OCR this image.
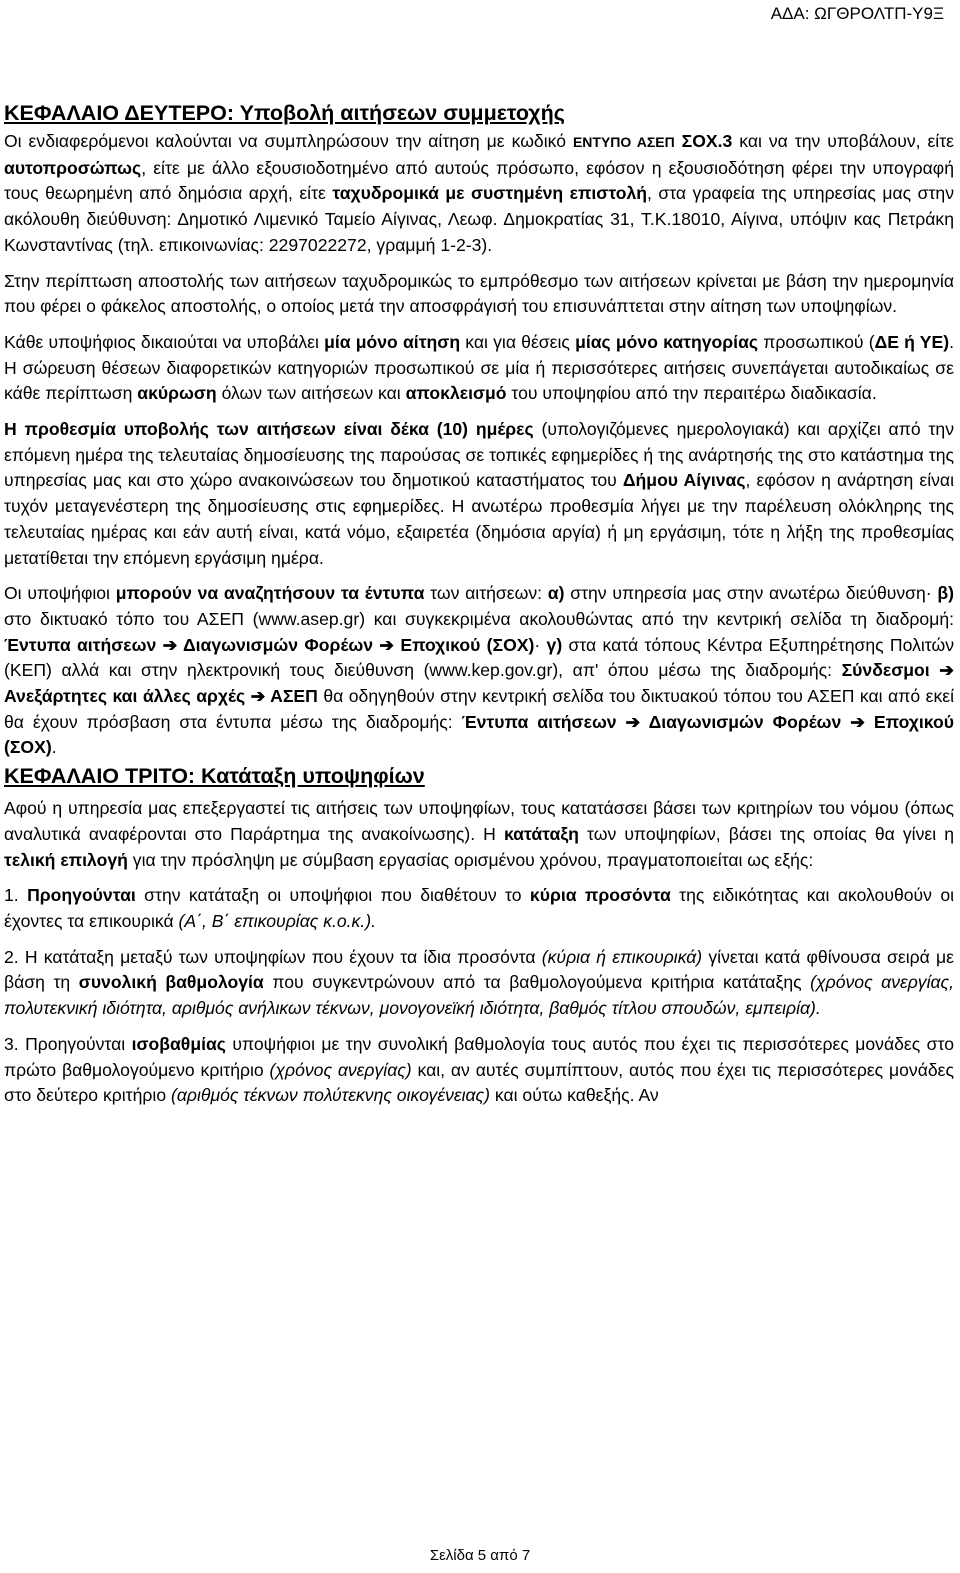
ΑΔΑ: ΩΓΘΡΟΛΤΠ-Υ9Ξ
ΚΕΦΑΛΑΙΟ ΔΕΥΤΕΡΟ: Υποβολή αιτήσεων συμμετοχής

Οι ενδιαφερόμενοι καλούνται να συμπληρώσουν την αίτηση με κωδικό ΕΝΤΥΠΟ ΑΣΕΠ ΣΟΧ.3 και να την υποβάλουν, είτε αυτοπροσώπως, είτε με άλλο εξουσιοδοτημένο από αυτούς πρόσωπο, εφόσον η εξουσιοδότηση φέρει την υπογραφή τους θεωρημένη από δημόσια αρχή, είτε ταχυδρομικά με συστημένη επιστολή, στα γραφεία της υπηρεσίας μας στην ακόλουθη διεύθυνση: Δημοτικό Λιμενικό Ταμείο Αίγινας, Λεωφ. Δημοκρατίας 31, Τ.Κ.18010, Αίγινα, υπόψιν κας Πετράκη Κωνσταντίνας (τηλ. επικοινωνίας: 2297022272, γραμμή 1-2-3).

Στην περίπτωση αποστολής των αιτήσεων ταχυδρομικώς το εμπρόθεσμο των αιτήσεων κρίνεται με βάση την ημερομηνία που φέρει ο φάκελος αποστολής, ο οποίος μετά την αποσφράγισή του επισυνάπτεται στην αίτηση των υποψηφίων.

Κάθε υποψήφιος δικαιούται να υποβάλει μία μόνο αίτηση και για θέσεις μίας μόνο κατηγορίας προσωπικού (ΔΕ ή ΥΕ). Η σώρευση θέσεων διαφορετικών κατηγοριών προσωπικού σε μία ή περισσότερες αιτήσεις συνεπάγεται αυτοδικαίως σε κάθε περίπτωση ακύρωση όλων των αιτήσεων και αποκλεισμό του υποψηφίου από την περαιτέρω διαδικασία.

Η προθεσμία υποβολής των αιτήσεων είναι δέκα (10) ημέρες (υπολογιζόμενες ημερολογιακά) και αρχίζει από την επόμενη ημέρα της τελευταίας δημοσίευσης της παρούσας σε τοπικές εφημερίδες ή της ανάρτησής της στο κατάστημα της υπηρεσίας μας και στο χώρο ανακοινώσεων του δημοτικού καταστήματος του Δήμου Αίγινας, εφόσον η ανάρτηση είναι τυχόν μεταγενέστερη της δημοσίευσης στις εφημερίδες. Η ανωτέρω προθεσμία λήγει με την παρέλευση ολόκληρης της τελευταίας ημέρας και εάν αυτή είναι, κατά νόμο, εξαιρετέα (δημόσια αργία) ή μη εργάσιμη, τότε η λήξη της προθεσμίας μετατίθεται την επόμενη εργάσιμη ημέρα.

Οι υποψήφιοι μπορούν να αναζητήσουν τα έντυπα των αιτήσεων: α) στην υπηρεσία μας στην ανωτέρω διεύθυνση· β) στο δικτυακό τόπο του ΑΣΕΠ (www.asep.gr) και συγκεκριμένα ακολουθώντας από την κεντρική σελίδα τη διαδρομή: Έντυπα αιτήσεων ➔ Διαγωνισμών Φορέων ➔ Εποχικού (ΣΟΧ)· γ) στα κατά τόπους Κέντρα Εξυπηρέτησης Πολιτών (ΚΕΠ) αλλά και στην ηλεκτρονική τους διεύθυνση (www.kep.gov.gr), απ' όπου μέσω της διαδρομής: Σύνδεσμοι ➔ Ανεξάρτητες και άλλες αρχές ➔ ΑΣΕΠ θα οδηγηθούν στην κεντρική σελίδα του δικτυακού τόπου του ΑΣΕΠ και από εκεί θα έχουν πρόσβαση στα έντυπα μέσω της διαδρομής: Έντυπα αιτήσεων ➔ Διαγωνισμών Φορέων ➔ Εποχικού (ΣΟΧ).

ΚΕΦΑΛΑΙΟ ΤΡΙΤΟ: Κατάταξη υποψηφίων

Αφού η υπηρεσία μας επεξεργαστεί τις αιτήσεις των υποψηφίων, τους κατατάσσει βάσει των κριτηρίων του νόμου (όπως αναλυτικά αναφέρονται στο Παράρτημα της ανακοίνωσης). Η κατάταξη των υποψηφίων, βάσει της οποίας θα γίνει η τελική επιλογή για την πρόσληψη με σύμβαση εργασίας ορισμένου χρόνου, πραγματοποιείται ως εξής:

1. Προηγούνται στην κατάταξη οι υποψήφιοι που διαθέτουν το κύρια προσόντα της ειδικότητας και ακολουθούν οι έχοντες τα επικουρικά (Α΄, Β΄ επικουρίας κ.ο.κ.).

2. Η κατάταξη μεταξύ των υποψηφίων που έχουν τα ίδια προσόντα (κύρια ή επικουρικά) γίνεται κατά φθίνουσα σειρά με βάση τη συνολική βαθμολογία που συγκεντρώνουν από τα βαθμολογούμενα κριτήρια κατάταξης (χρόνος ανεργίας, πολυτεκνική ιδιότητα, αριθμός ανήλικων τέκνων, μονογονεϊκή ιδιότητα, βαθμός τίτλου σπουδών, εμπειρία).

3. Προηγούνται ισοβαθμίας υποψήφιοι με την συνολική βαθμολογία τους αυτός που έχει τις περισσότερες μονάδες στο πρώτο βαθμολογούμενο κριτήριο (χρόνος ανεργίας) και, αν αυτές συμπίπτουν, αυτός που έχει τις περισσότερες μονάδες στο δεύτερο κριτήριο (αριθμός τέκνων πολύτεκνης οικογένειας) και ούτω καθεξής. Αν

Σελίδα 5 από 7
